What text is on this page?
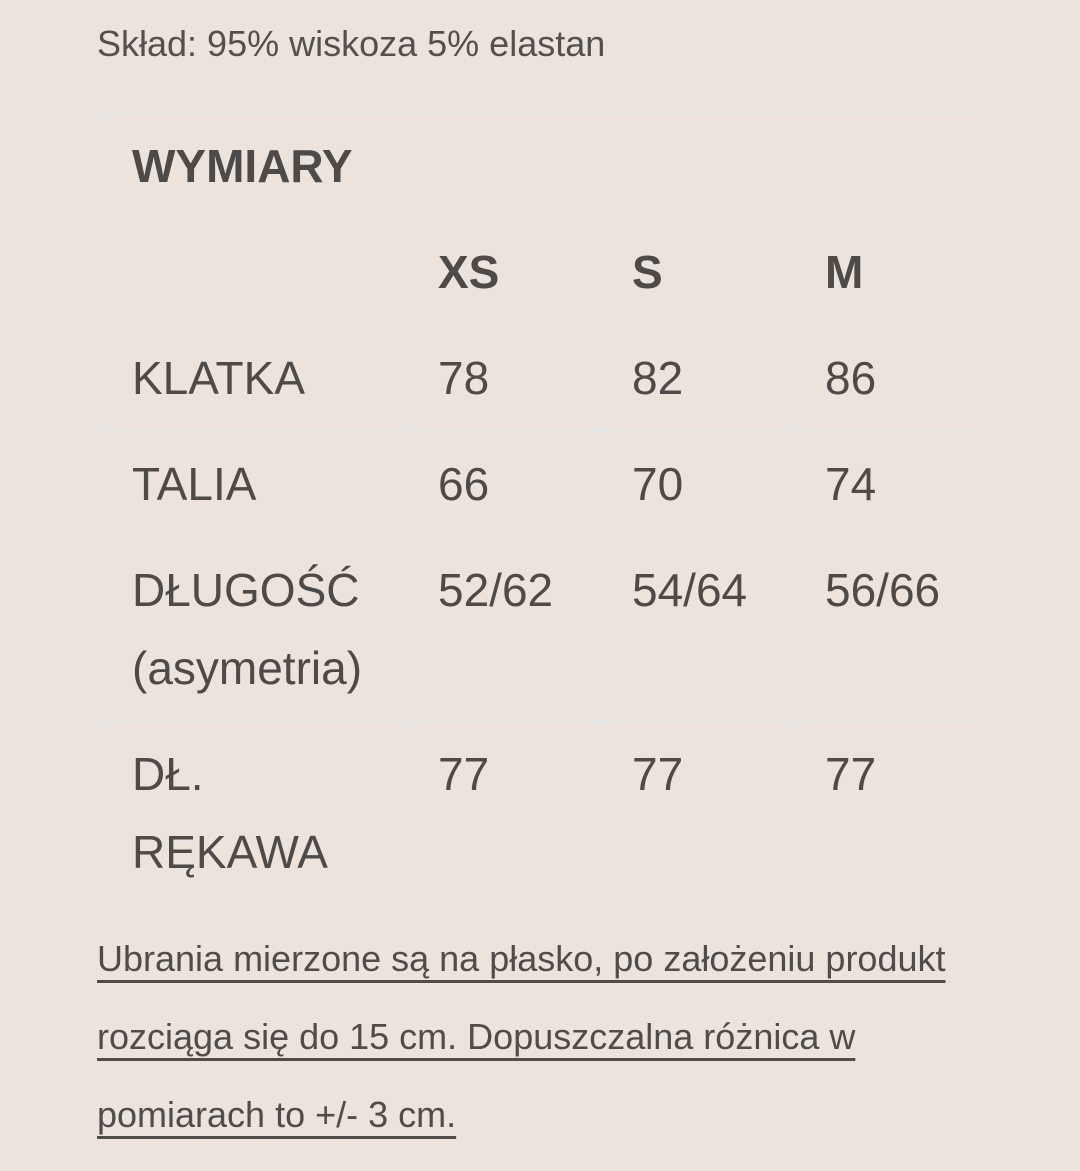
Skład: 95% wiskoza 5% elastan

WYMIARY			
	XS	S	M
KLATKA	78	82	86
TALIA	66	70	74
DŁUGOŚĆ (asymetria)	52/62	54/64	56/66
DŁ. RĘKAWA	77	77	77

Ubrania mierzone są na płasko, po założeniu produkt rozciąga się do 15 cm. Dopuszczalna różnica w pomiarach to +/- 3 cm.
